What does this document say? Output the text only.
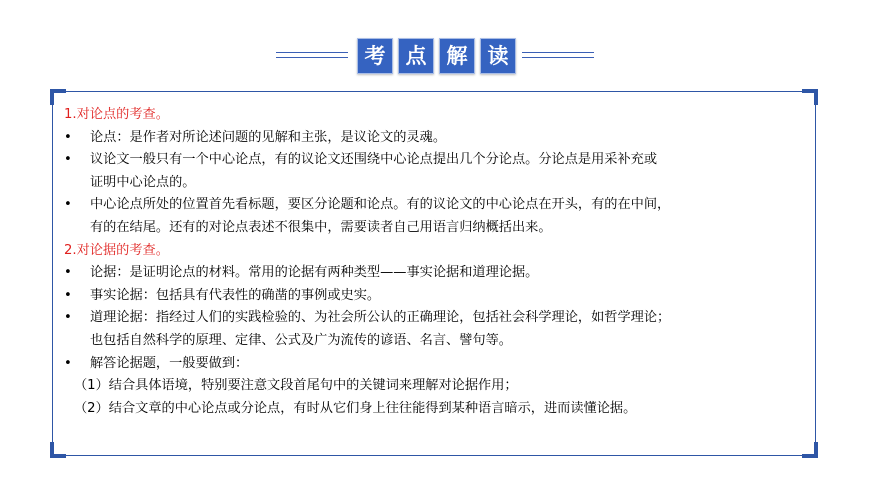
考 点 解 读
1.对论点的考查。
• 论点：是作者对所论述问题的见解和主张，是议论文的灵魂。
• 议论文一般只有一个中心论点，有的议论文还围绕中心论点提出几个分论点。分论点是用采补充或
证明中心论点的。
• 中心论点所处的位置首先看标题，要区分论题和论点。有的议论文的中心论点在开头，有的在中间，
有的在结尾。还有的对论点表述不很集中，需要读者自己用语言归纳概括出来。
2.对论据的考查。
• 论据：是证明论点的材料。常用的论据有两种类型——事实论据和道理论据。
• 事实论据：包括具有代表性的确凿的事例或史实。
• 道理论据：指经过人们的实践检验的、为社会所公认的正确理论，包括社会科学理论，如哲学理论；
也包括自然科学的原理、定律、公式及广为流传的谚语、名言、譬句等。
• 解答论据题，一般要做到：
（1）结合具体语境，特别要注意文段首尾句中的关键词来理解对论据作用；
（2）结合文章的中心论点或分论点，有时从它们身上往往能得到某种语言暗示，进而读懂论据。
